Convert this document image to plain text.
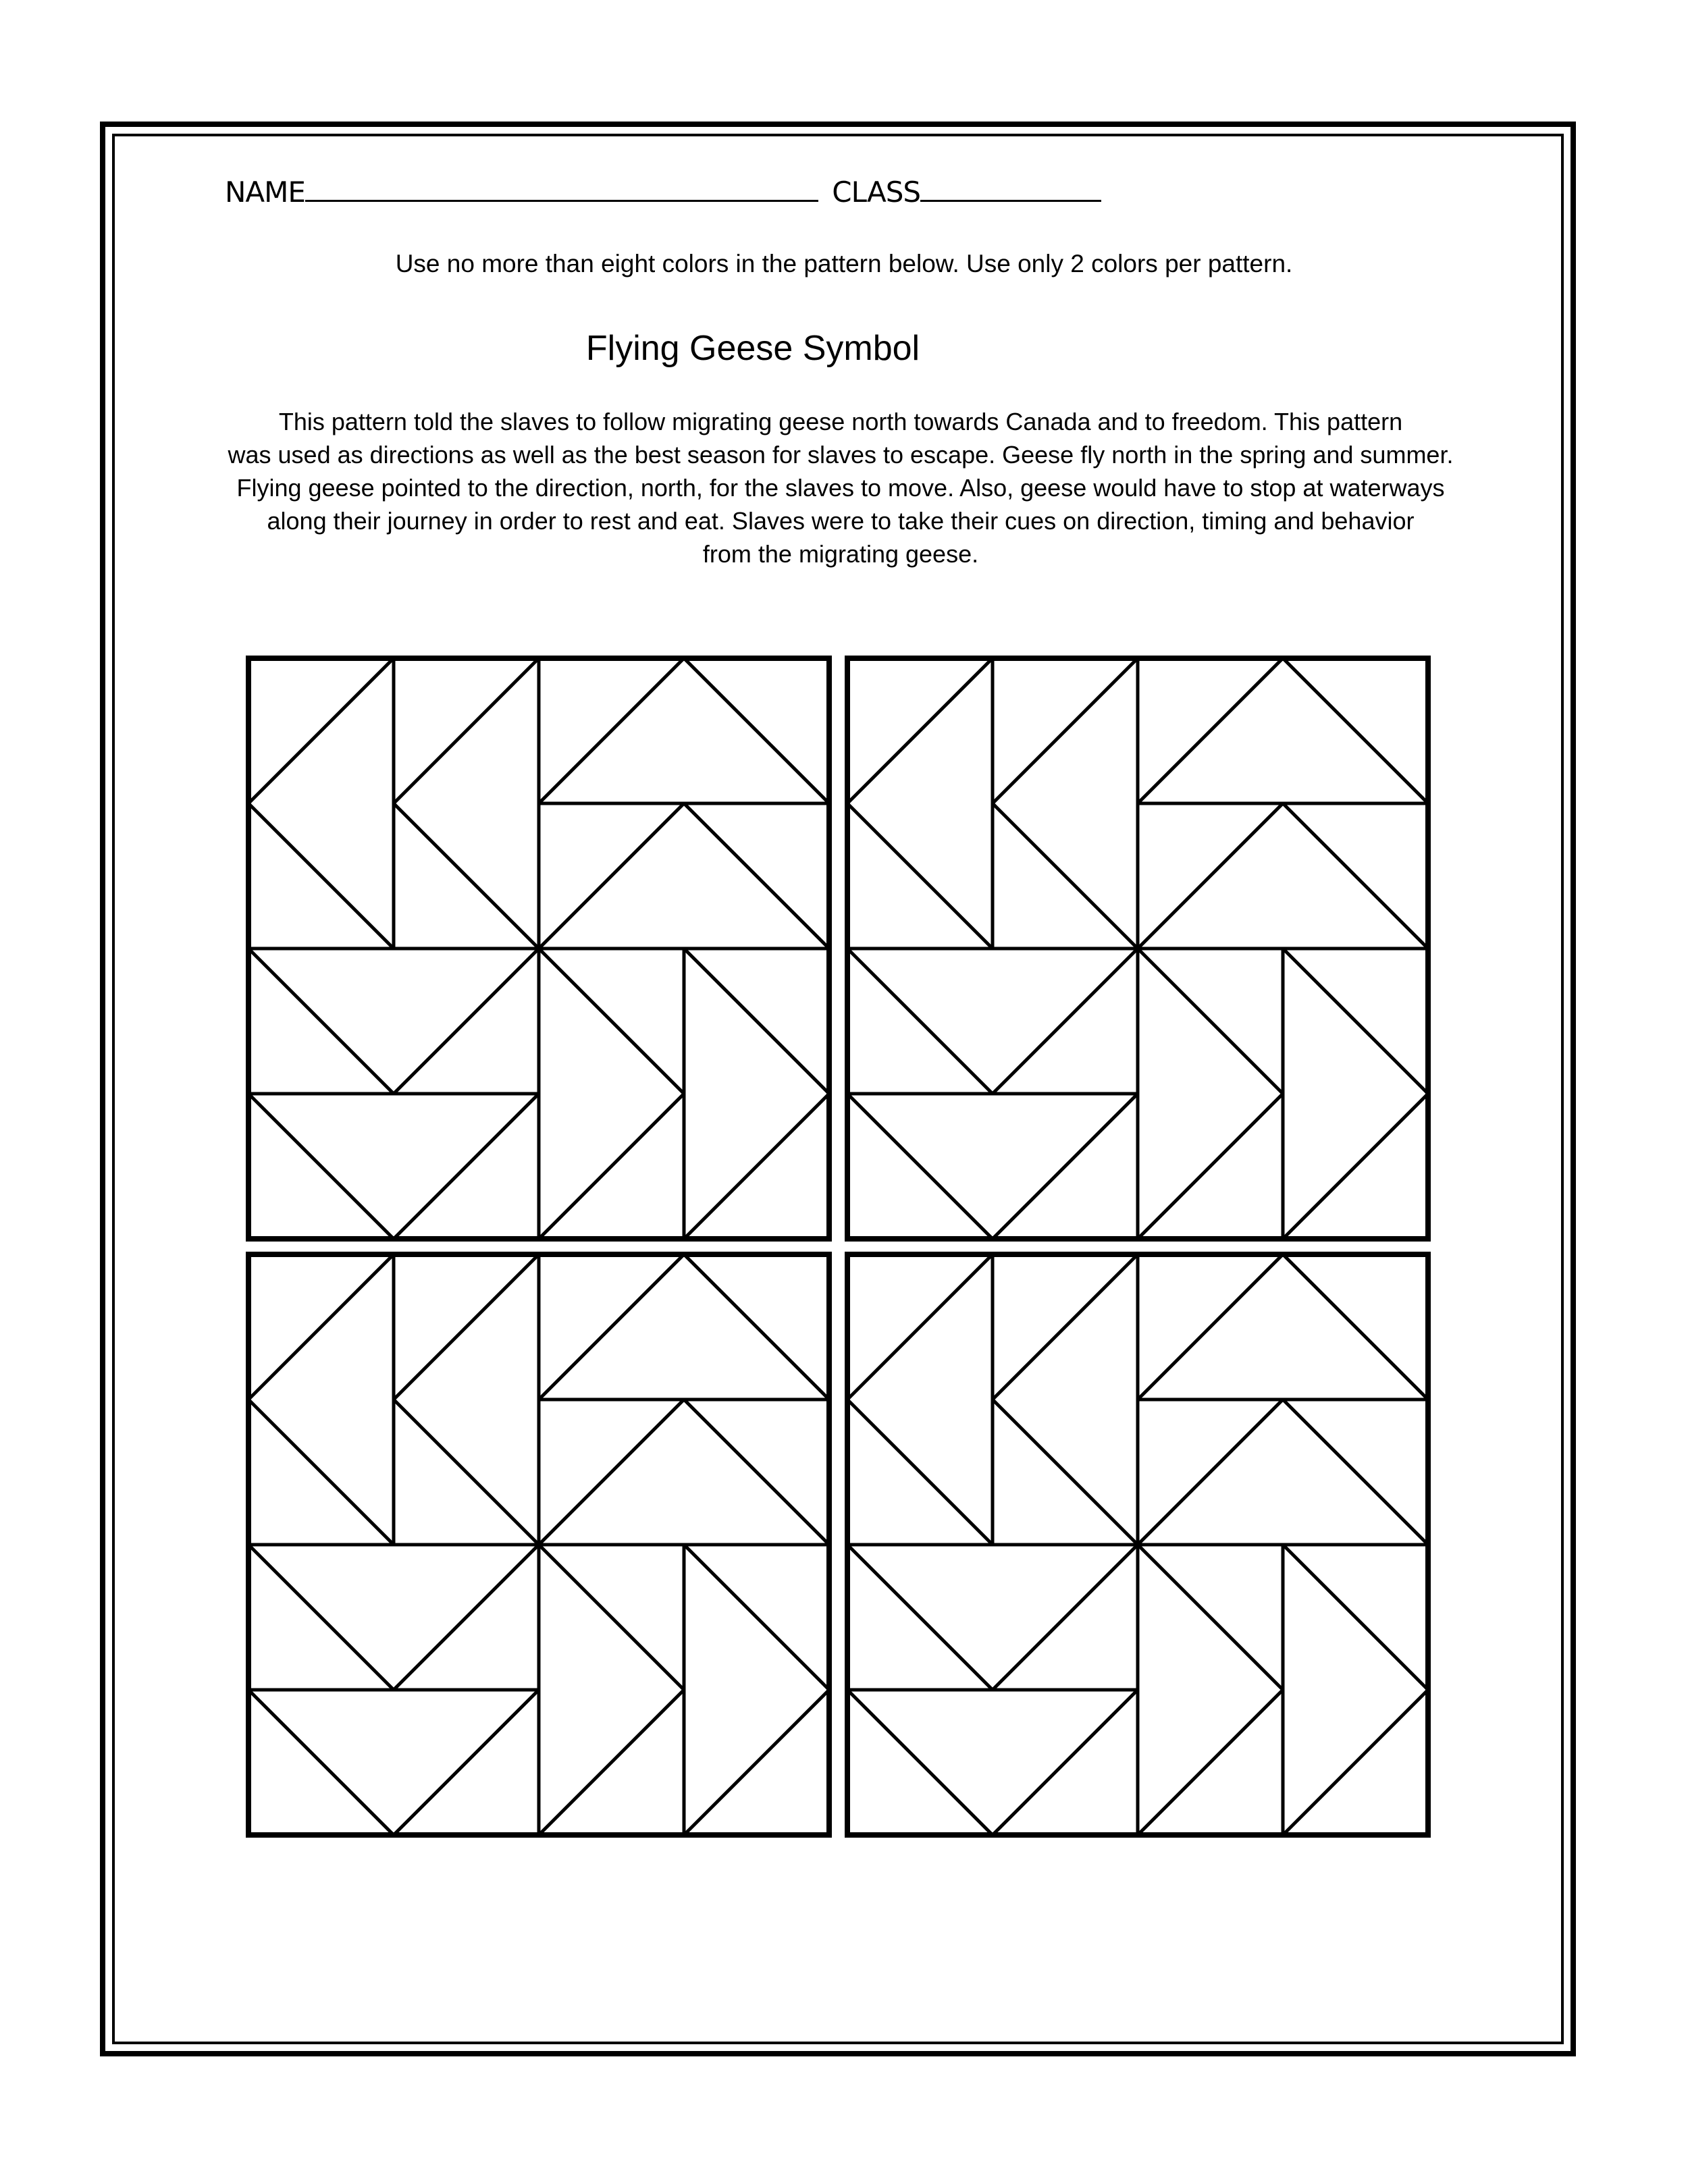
NAME	CLASS
Use no more than eight colors in the pattern below. Use only 2 colors per pattern.
Flying Geese Symbol
This pattern told the slaves to follow migrating geese north towards Canada and to freedom. This pattern
was used as directions as well as the best season for slaves to escape. Geese fly north in the spring and summer.
Flying geese pointed to the direction, north, for the slaves to move. Also, geese would have to stop at waterways
along their journey in order to rest and eat. Slaves were to take their cues on direction, timing and behavior
from the migrating geese.
